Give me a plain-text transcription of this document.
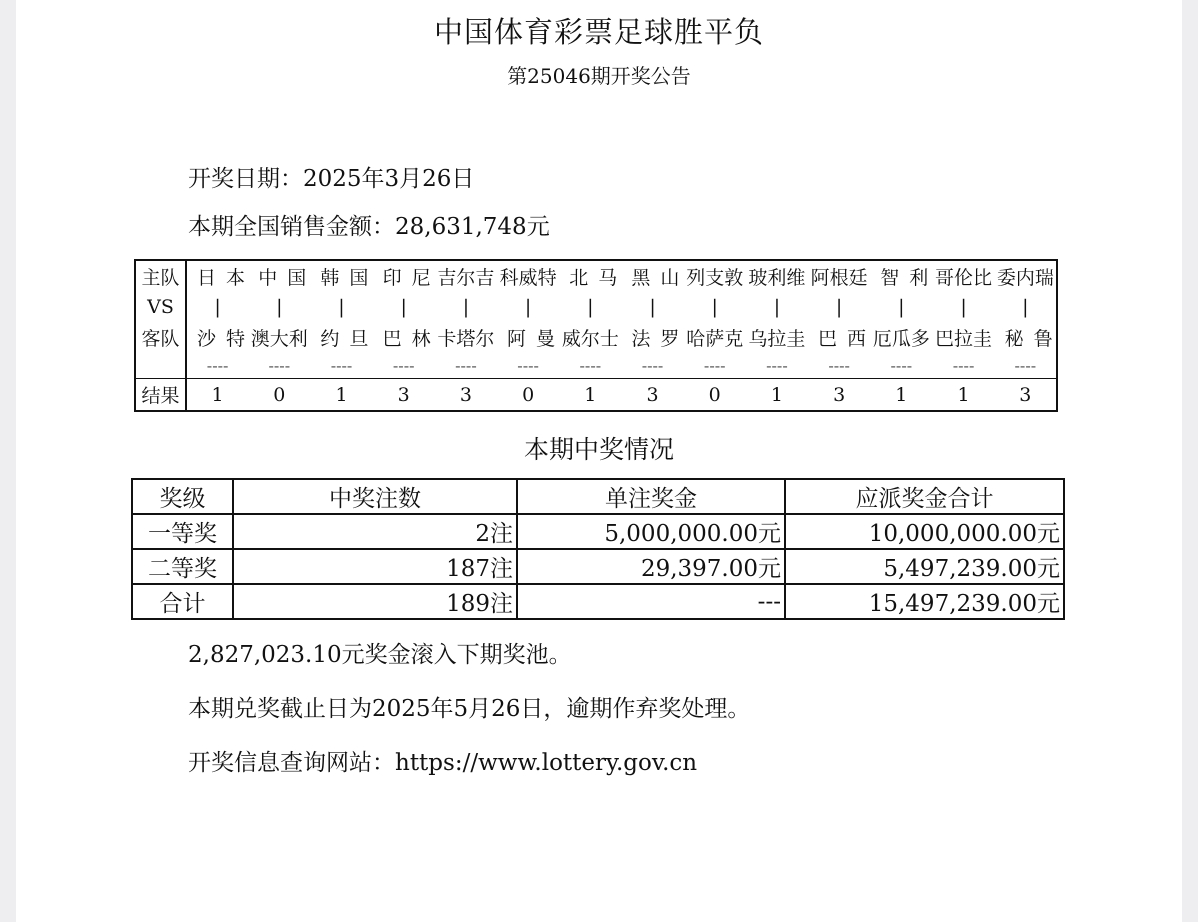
中国体育彩票足球胜平负
第25046期开奖公告
开奖日期：2025年3月26日
本期全国销售金额：28,631,748元
主队	日本	中国	韩国	印尼	吉尔吉	科威特	北马	黑山	列支敦	玻利维	阿根廷	智利	哥伦比	委内瑞
VS	|	|	|	|	|	|	|	|	|	|	|	|	|	|
客队	沙特	澳大利	约旦	巴林	卡塔尔	阿曼	威尔士	法罗	哈萨克	乌拉圭	巴西	厄瓜多	巴拉圭	秘鲁
	----	----	----	----	----	----	----	----	----	----	----	----	----	----
结果	1	0	1	3	3	0	1	3	0	1	3	1	1	3
本期中奖情况
奖级	中奖注数	单注奖金	应派奖金合计
一等奖	2注	5,000,000.00元	10,000,000.00元
二等奖	187注	29,397.00元	5,497,239.00元
合计	189注	---	15,497,239.00元
2,827,023.10元奖金滚入下期奖池。
本期兑奖截止日为2025年5月26日，逾期作弃奖处理。
开奖信息查询网站：https://www.lottery.gov.cn
